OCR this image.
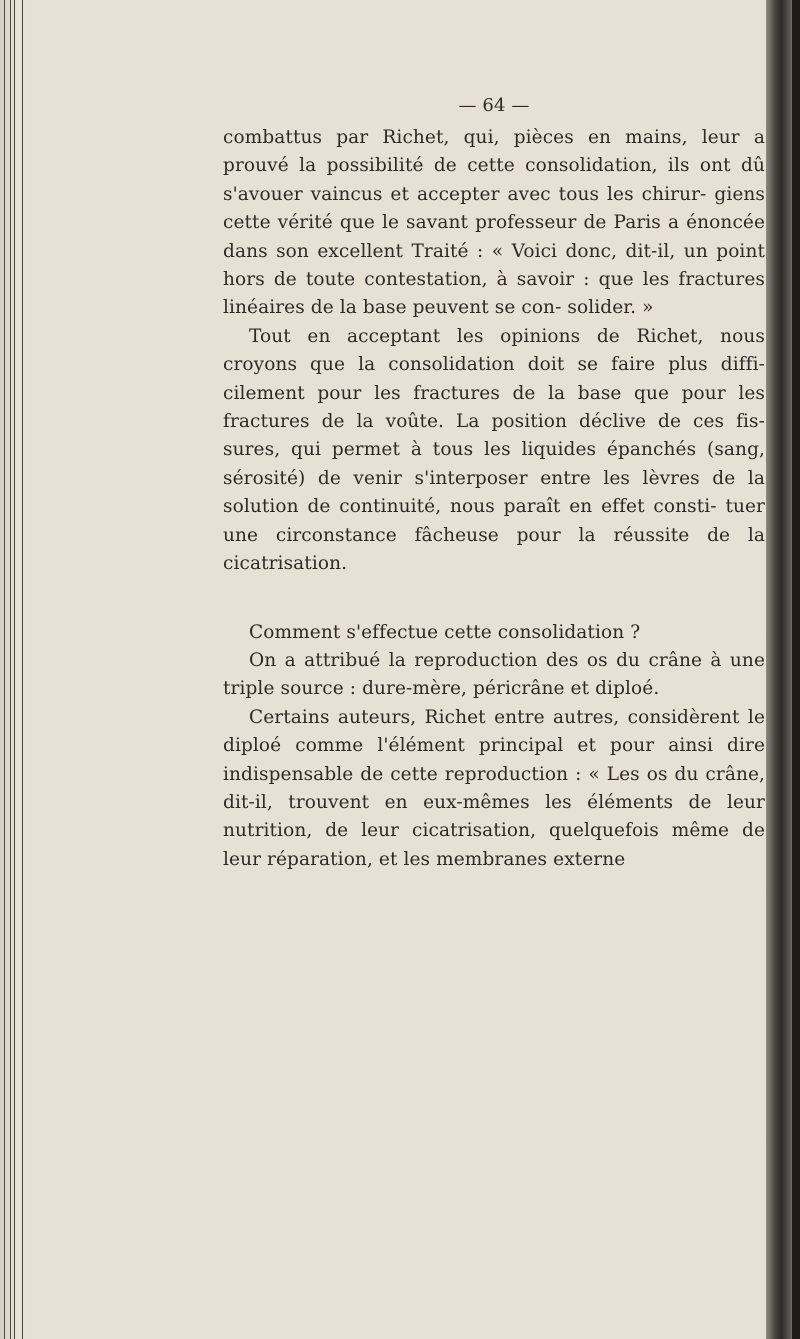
— 64 —

combattus par Richet, qui, pièces en mains, leur a prouvé la possibilité de cette consolidation, ils ont dû s'avouer vaincus et accepter avec tous les chirur- giens cette vérité que le savant professeur de Paris a énoncée dans son excellent Traité : « Voici donc, dit-il, un point hors de toute contestation, à savoir : que les fractures linéaires de la base peuvent se con- solider. »

Tout en acceptant les opinions de Richet, nous croyons que la consolidation doit se faire plus diffi- cilement pour les fractures de la base que pour les fractures de la voûte. La position déclive de ces fis- sures, qui permet à tous les liquides épanchés (sang, sérosité) de venir s'interposer entre les lèvres de la solution de continuité, nous paraît en effet consti- tuer une circonstance fâcheuse pour la réussite de la cicatrisation.

Comment s'effectue cette consolidation ?

On a attribué la reproduction des os du crâne à une triple source : dure-mère, péricrâne et diploé.

Certains auteurs, Richet entre autres, considèrent le diploé comme l'élément principal et pour ainsi dire indispensable de cette reproduction : « Les os du crâne, dit-il, trouvent en eux-mêmes les éléments de leur nutrition, de leur cicatrisation, quelquefois même de leur réparation, et les membranes externe
